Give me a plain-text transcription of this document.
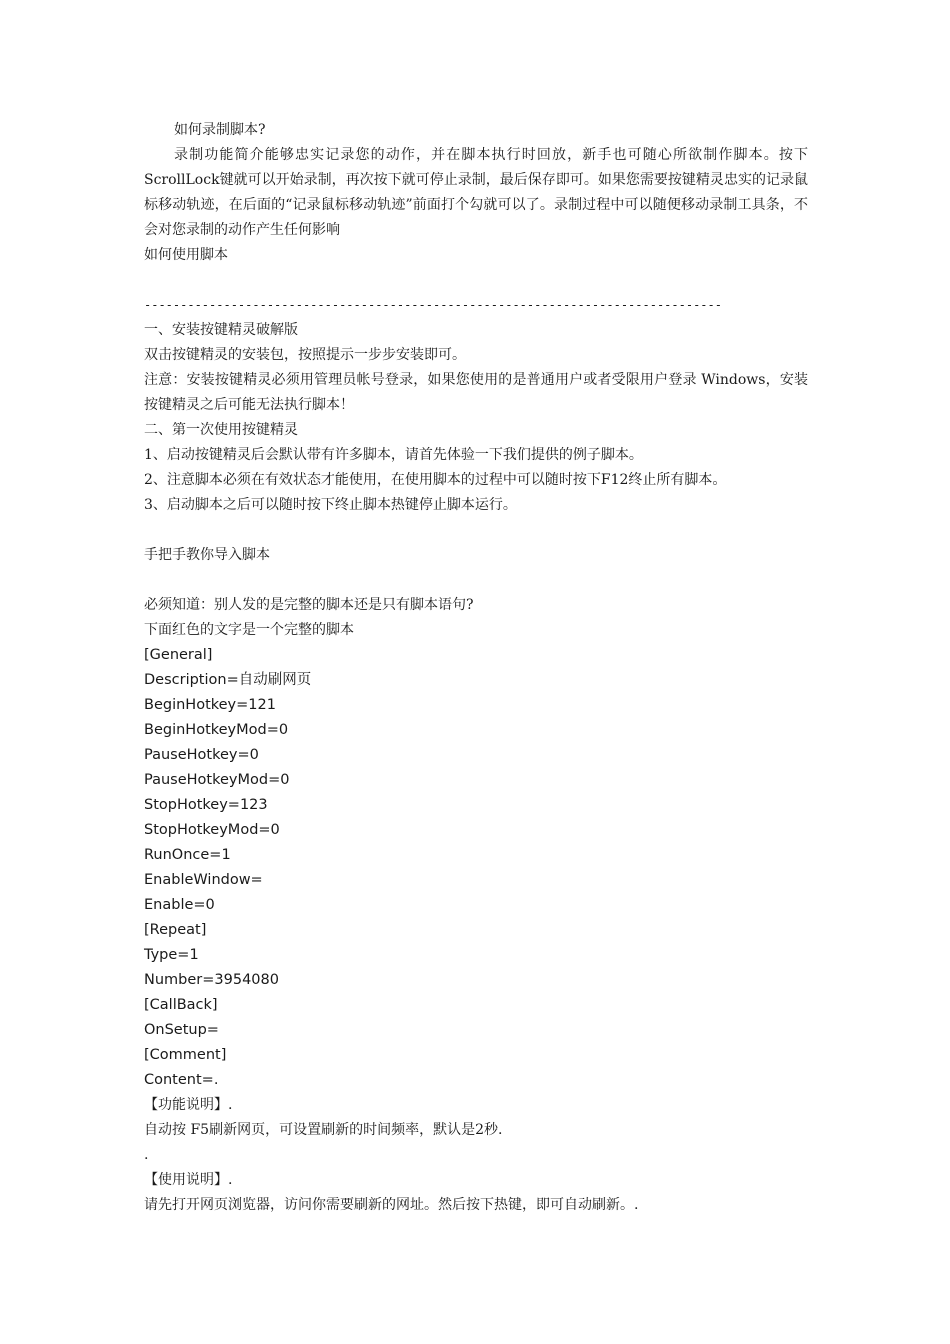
如何录制脚本?

录制功能简介能够忠实记录您的动作，并在脚本执行时回放，新手也可随心所欲制作脚本。按下ScrollLock键就可以开始录制，再次按下就可停止录制，最后保存即可。如果您需要按键精灵忠实的记录鼠标移动轨迹，在后面的“记录鼠标移动轨迹”前面打个勾就可以了。录制过程中可以随便移动录制工具条，不会对您录制的动作产生任何影响

如何使用脚本

--------------------------------------------------------------------------------

一、安装按键精灵破解版

双击按键精灵的安装包，按照提示一步步安装即可。

注意：安装按键精灵必须用管理员帐号登录，如果您使用的是普通用户或者受限用户登录 Windows，安装按键精灵之后可能无法执行脚本！

二、第一次使用按键精灵

1、启动按键精灵后会默认带有许多脚本，请首先体验一下我们提供的例子脚本。

2、注意脚本必须在有效状态才能使用，在使用脚本的过程中可以随时按下F12终止所有脚本。

3、启动脚本之后可以随时按下终止脚本热键停止脚本运行。

手把手教你导入脚本

必须知道：别人发的是完整的脚本还是只有脚本语句?

下面红色的文字是一个完整的脚本

[General]

Description=自动刷网页

BeginHotkey=121

BeginHotkeyMod=0

PauseHotkey=0

PauseHotkeyMod=0

StopHotkey=123

StopHotkeyMod=0

RunOnce=1

EnableWindow=

Enable=0

[Repeat]

Type=1

Number=3954080

[CallBack]

OnSetup=

[Comment]

Content=.

【功能说明】.

自动按 F5刷新网页，可设置刷新的时间频率，默认是2秒.

.

【使用说明】.

请先打开网页浏览器，访问你需要刷新的网址。然后按下热键，即可自动刷新。.
